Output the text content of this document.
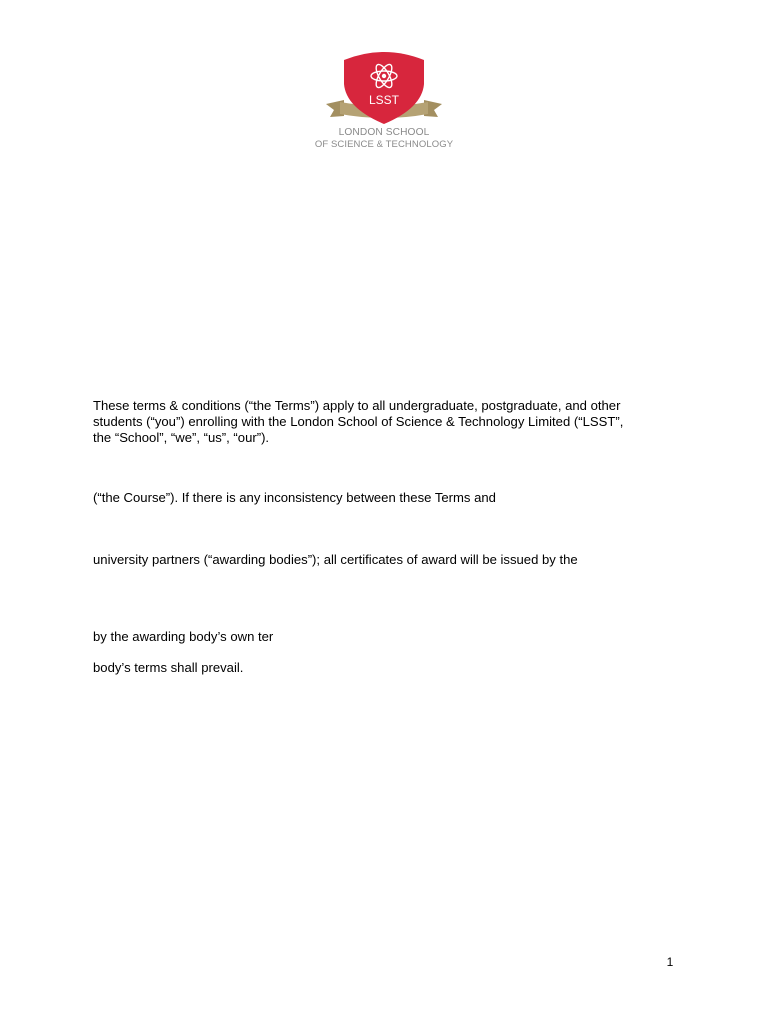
LSST
LONDON SCHOOL
OF SCIENCE & TECHNOLOGY

These terms & conditions (“the Terms”) apply to all undergraduate, postgraduate, and other

students (“you”) enrolling with the London School of Science & Technology Limited (“LSST”,

the “School”, “we”, “us”, “our”).

(“the Course”). If there is any inconsistency between these Terms and

university partners (“awarding bodies”); all certificates of award will be issued by the

by the awarding body’s own ter

body’s terms shall prevail.

1
